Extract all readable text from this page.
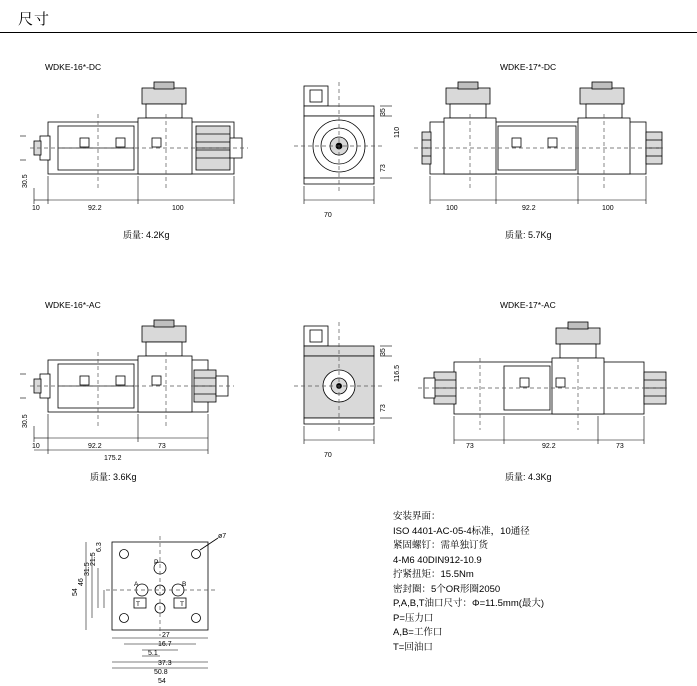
尺寸
WDKE-16*-DC
10	92.2	100
30.5
质量: 4.2Kg
WDKE-17*-DC
70
35
110
73
100	92.2	100
质量: 5.7Kg
WDKE-16*-AC
10	92.2	73
175.2
30.5
质量: 3.6Kg
WDKE-17*-AC
70
35
116.5
73
73	92.2	73
质量: 4.3Kg
P
A	B
T	T
ø7
6.3
21.5
31.5
46
54
5.1
16.7
27
37.3
50.8
54
安装界面：
ISO 4401-AC-05-4标准，10通径
紧固螺钉：需单独订货
4-M6 40DIN912-10.9
拧紧扭矩：15.5Nm
密封圈：5个OR形圈2050
P,A,B,T油口尺寸：Φ=11.5mm(最大)
P=压力口
A,B=工作口
T=回油口
